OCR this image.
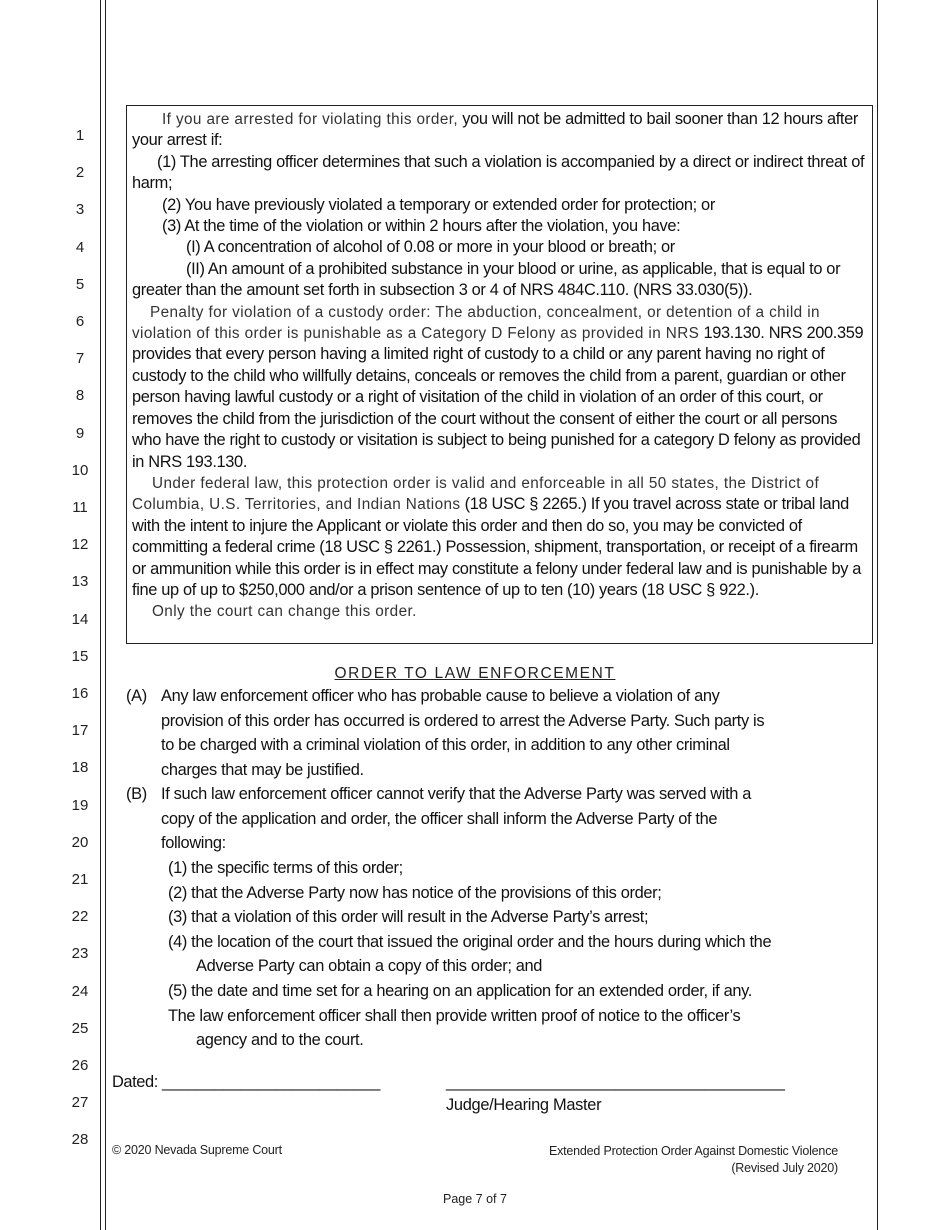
1
2
3
4
5
6
7
8
9
10
11
12
13
14
15
16
17
18
19
20
21
22
23
24
25
26
27
28

If you are arrested for violating this order, you will not be admitted to bail sooner than 12 hours after your arrest if:

(1) The arresting officer determines that such a violation is accompanied by a direct or indirect threat of harm;

(2) You have previously violated a temporary or extended order for protection; or

(3) At the time of the violation or within 2 hours after the violation, you have:

(I) A concentration of alcohol of 0.08 or more in your blood or breath; or

(II) An amount of a prohibited substance in your blood or urine, as applicable, that is equal to or greater than the amount set forth in subsection 3 or 4 of NRS 484C.110. (NRS 33.030(5)).

Penalty for violation of a custody order: The abduction, concealment, or detention of a child in violation of this order is punishable as a Category D Felony as provided in NRS 193.130. NRS 200.359 provides that every person having a limited right of custody to a child or any parent having no right of custody to the child who willfully detains, conceals or removes the child from a parent, guardian or other person having lawful custody or a right of visitation of the child in violation of an order of this court, or removes the child from the jurisdiction of the court without the consent of either the court or all persons who have the right to custody or visitation is subject to being punished for a category D felony as provided in NRS 193.130.

Under federal law, this protection order is valid and enforceable in all 50 states, the District of Columbia, U.S. Territories, and Indian Nations (18 USC § 2265.) If you travel across state or tribal land with the intent to injure the Applicant or violate this order and then do so, you may be convicted of committing a federal crime (18 USC § 2261.) Possession, shipment, transportation, or receipt of a firearm or ammunition while this order is in effect may constitute a felony under federal law and is punishable by a fine up of up to $250,000 and/or a prison sentence of up to ten (10) years (18 USC § 922.).

Only the court can change this order.

ORDER TO LAW ENFORCEMENT
(A) Any law enforcement officer who has probable cause to believe a violation of any

provision of this order has occurred is ordered to arrest the Adverse Party. Such party is

to be charged with a criminal violation of this order, in addition to any other criminal

charges that may be justified.

(B) If such law enforcement officer cannot verify that the Adverse Party was served with a

copy of the application and order, the officer shall inform the Adverse Party of the

following:

(1) the specific terms of this order;

(2) that the Adverse Party now has notice of the provisions of this order;

(3) that a violation of this order will result in the Adverse Party’s arrest;

(4) the location of the court that issued the original order and the hours during which the

Adverse Party can obtain a copy of this order; and

(5) the date and time set for a hearing on an application for an extended order, if any.

The law enforcement officer shall then provide written proof of notice to the officer’s

agency and to the court.

Dated: _________________________	______________________________________
Judge/Hearing Master
© 2020 Nevada Supreme Court	Extended Protection Order Against Domestic Violence
(Revised July 2020)
Page 7 of 7
